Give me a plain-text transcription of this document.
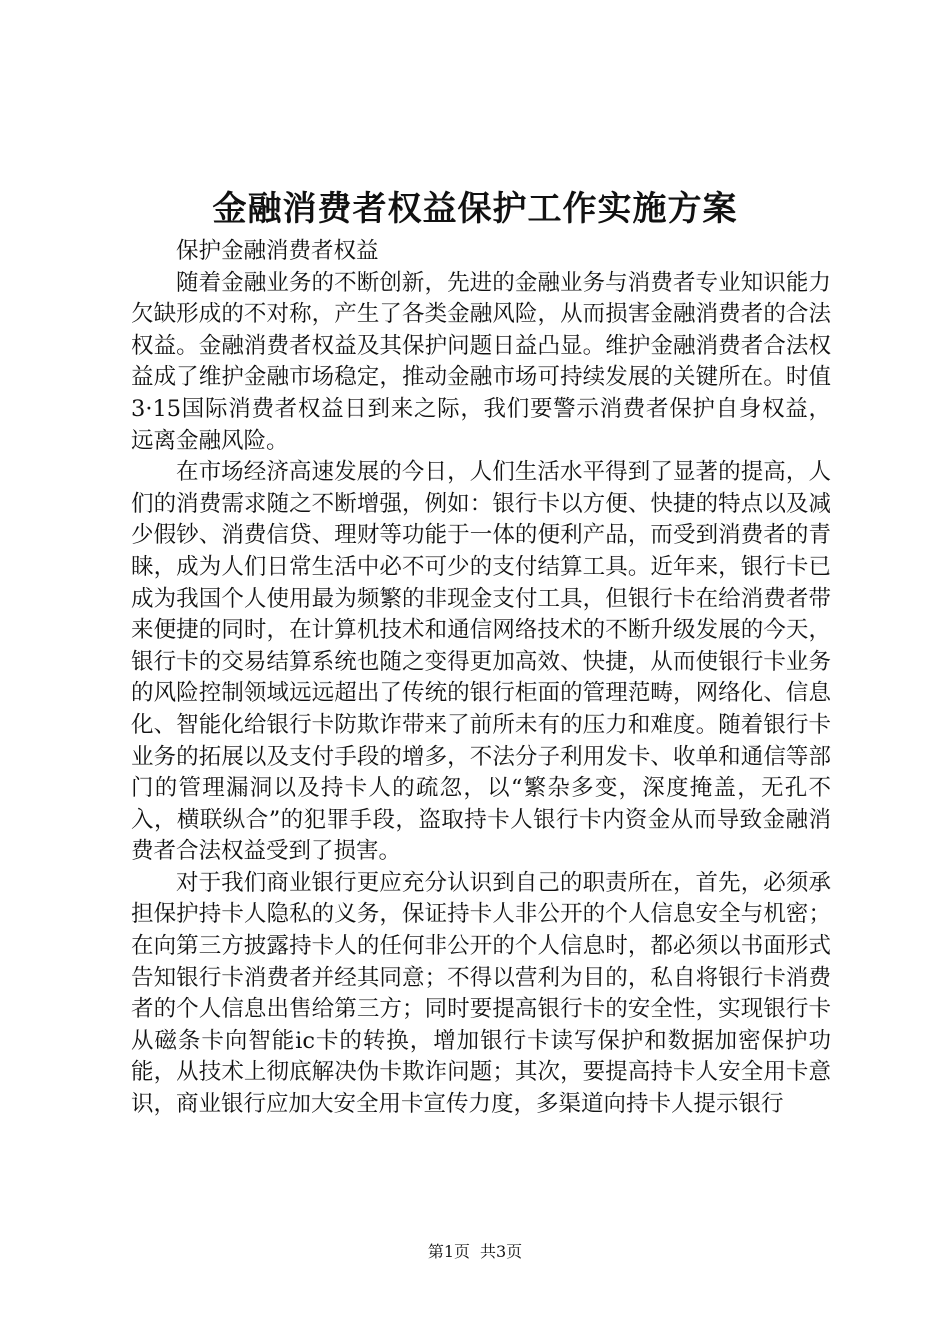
金融消费者权益保护工作实施方案

保护金融消费者权益

随着金融业务的不断创新，先进的金融业务与消费者专业知识能力欠缺形成的不对称，产生了各类金融风险，从而损害金融消费者的合法权益。金融消费者权益及其保护问题日益凸显。维护金融消费者合法权益成了维护金融市场稳定，推动金融市场可持续发展的关键所在。时值3·15国际消费者权益日到来之际，我们要警示消费者保护自身权益，远离金融风险。

在市场经济高速发展的今日，人们生活水平得到了显著的提高，人们的消费需求随之不断增强，例如：银行卡以方便、快捷的特点以及减少假钞、消费信贷、理财等功能于一体的便利产品，而受到消费者的青睐，成为人们日常生活中必不可少的支付结算工具。近年来，银行卡已成为我国个人使用最为频繁的非现金支付工具，但银行卡在给消费者带来便捷的同时，在计算机技术和通信网络技术的不断升级发展的今天，银行卡的交易结算系统也随之变得更加高效、快捷，从而使银行卡业务的风险控制领域远远超出了传统的银行柜面的管理范畴，网络化、信息化、智能化给银行卡防欺诈带来了前所未有的压力和难度。随着银行卡业务的拓展以及支付手段的增多，不法分子利用发卡、收单和通信等部门的管理漏洞以及持卡人的疏忽，以“繁杂多变，深度掩盖，无孔不入，横联纵合”的犯罪手段，盗取持卡人银行卡内资金从而导致金融消费者合法权益受到了损害。

对于我们商业银行更应充分认识到自己的职责所在，首先，必须承担保护持卡人隐私的义务，保证持卡人非公开的个人信息安全与机密；在向第三方披露持卡人的任何非公开的个人信息时，都必须以书面形式告知银行卡消费者并经其同意；不得以营利为目的，私自将银行卡消费者的个人信息出售给第三方；同时要提高银行卡的安全性，实现银行卡从磁条卡向智能ic卡的转换，增加银行卡读写保护和数据加密保护功能，从技术上彻底解决伪卡欺诈问题；其次，要提高持卡人安全用卡意识，商业银行应加大安全用卡宣传力度，多渠道向持卡人提示银行

第1页 共3页
